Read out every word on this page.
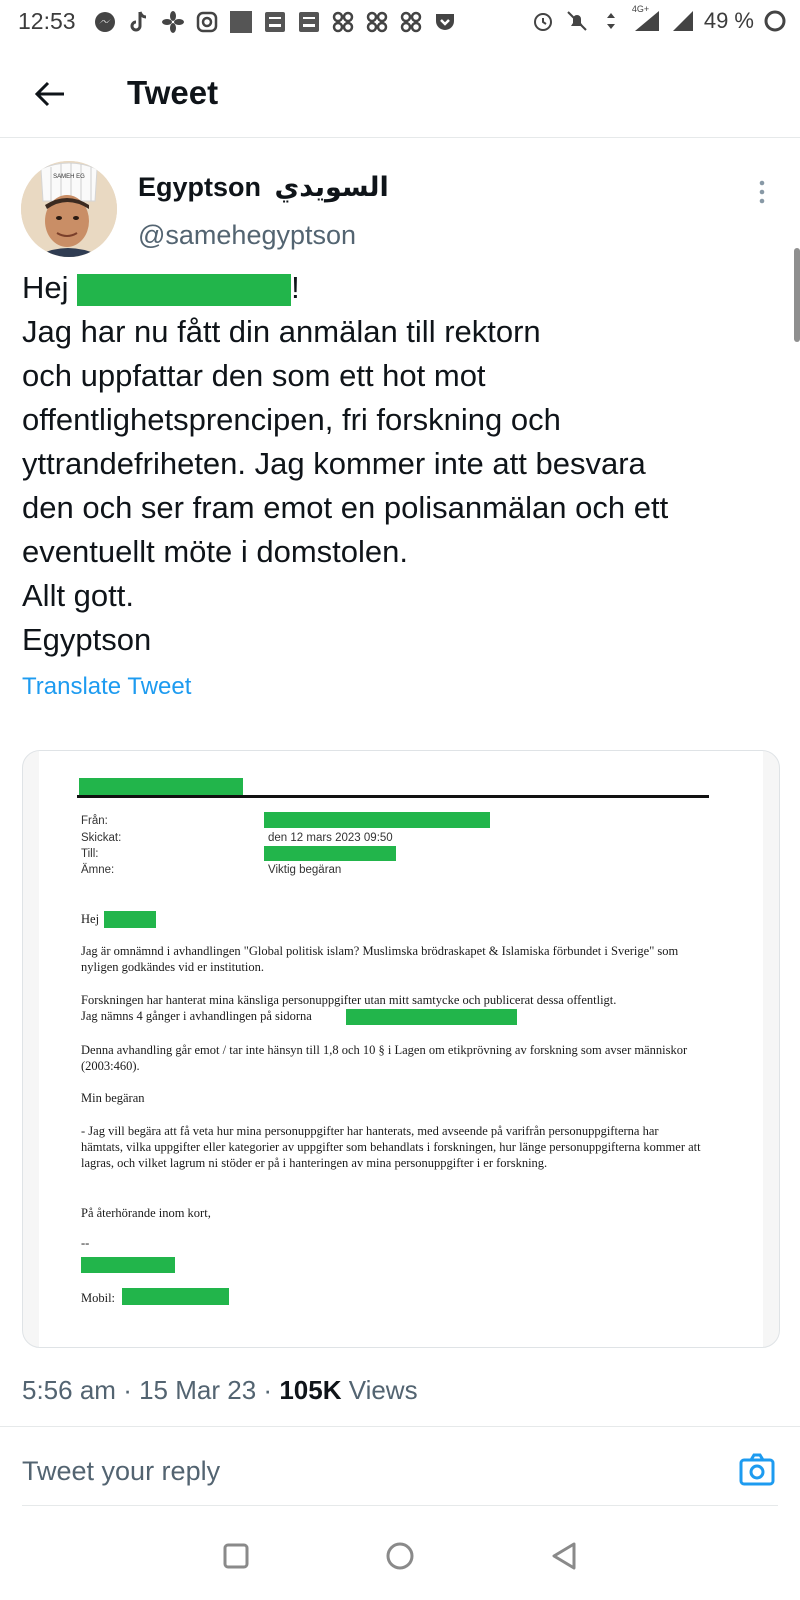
12:53	4G+ 49 %
Tweet
SAMEH EG Egyptson السويدي
@samehegyptson
Hej	!
Jag har nu fått din anmälan till rektorn
och uppfattar den som ett hot mot
offentlighetsprencipen, fri forskning och
yttrandefriheten. Jag kommer inte att besvara
den och ser fram emot en polisanmälan och ett
eventuellt möte i domstolen.
Allt gott.
Egyptson
Translate Tweet
Från:
Skickat:	den 12 mars 2023 09:50
Till:
Ämne:	Viktig begäran

Hej

Jag är omnämnd i avhandlingen "Global politisk islam? Muslimska brödraskapet & Islamiska förbundet i Sverige" som nyligen godkändes vid er institution.

Forskningen har hanterat mina känsliga personuppgifter utan mitt samtycke och publicerat dessa offentligt.

Jag nämns 4 gånger i avhandlingen på sidorna

Denna avhandling går emot / tar inte hänsyn till 1,8 och 10 § i Lagen om etikprövning av forskning som avser människor (2003:460).

Min begäran

- Jag vill begära att få veta hur mina personuppgifter har hanterats, med avseende på varifrån personuppgifterna har hämtats, vilka uppgifter eller kategorier av uppgifter som behandlats i forskningen, hur länge personuppgifterna kommer att lagras, och vilket lagrum ni stöder er på i hanteringen av mina personuppgifter i er forskning.

På återhörande inom kort,

--

Mobil:

5:56 am · 15 Mar 23 · 105K Views
Tweet your reply
